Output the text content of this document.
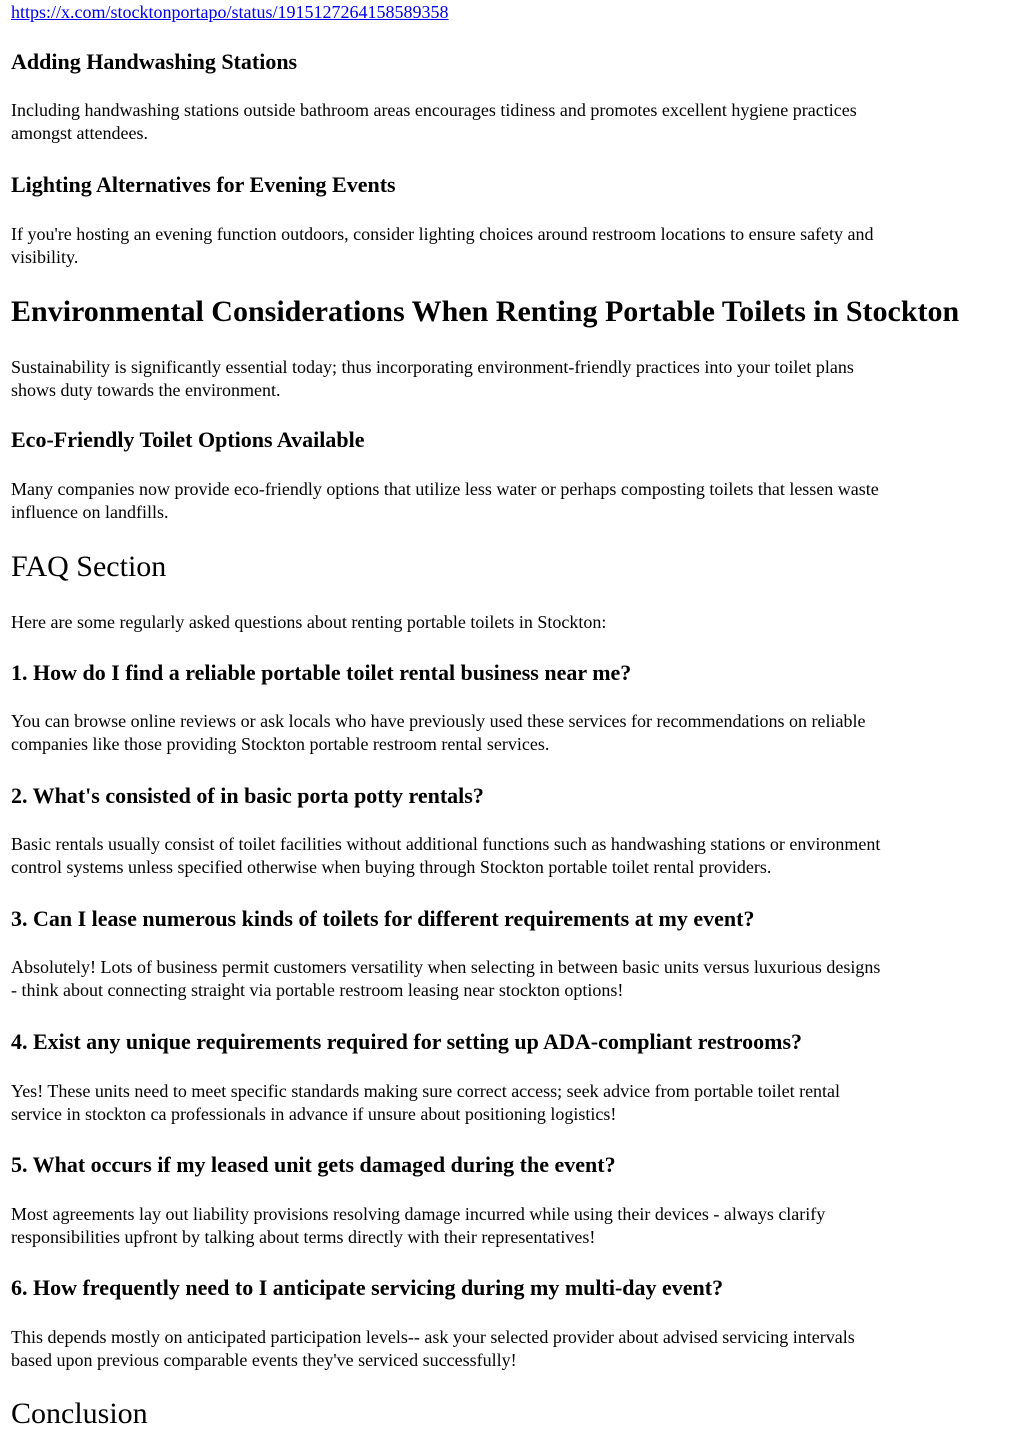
https://x.com/stocktonportapo/status/1915127264158589358
Adding Handwashing Stations

Including handwashing stations outside bathroom areas encourages tidiness and promotes excellent hygiene practices

amongst attendees.

Lighting Alternatives for Evening Events

If you're hosting an evening function outdoors, consider lighting choices around restroom locations to ensure safety and

visibility.

Environmental Considerations When Renting Portable Toilets in Stockton

Sustainability is significantly essential today; thus incorporating environment-friendly practices into your toilet plans

shows duty towards the environment.

Eco-Friendly Toilet Options Available

Many companies now provide eco-friendly options that utilize less water or perhaps composting toilets that lessen waste

influence on landfills.

FAQ Section

Here are some regularly asked questions about renting portable toilets in Stockton:

1. How do I find a reliable portable toilet rental business near me?

You can browse online reviews or ask locals who have previously used these services for recommendations on reliable

companies like those providing Stockton portable restroom rental services.

2. What's consisted of in basic porta potty rentals?

Basic rentals usually consist of toilet facilities without additional functions such as handwashing stations or environment

control systems unless specified otherwise when buying through Stockton portable toilet rental providers.

3. Can I lease numerous kinds of toilets for different requirements at my event?

Absolutely! Lots of business permit customers versatility when selecting in between basic units versus luxurious designs

- think about connecting straight via portable restroom leasing near stockton options!

4. Exist any unique requirements required for setting up ADA-compliant restrooms?

Yes! These units need to meet specific standards making sure correct access; seek advice from portable toilet rental

service in stockton ca professionals in advance if unsure about positioning logistics!

5. What occurs if my leased unit gets damaged during the event?

Most agreements lay out liability provisions resolving damage incurred while using their devices - always clarify

responsibilities upfront by talking about terms directly with their representatives!

6. How frequently need to I anticipate servicing during my multi-day event?

This depends mostly on anticipated participation levels-- ask your selected provider about advised servicing intervals

based upon previous comparable events they've serviced successfully!

Conclusion
